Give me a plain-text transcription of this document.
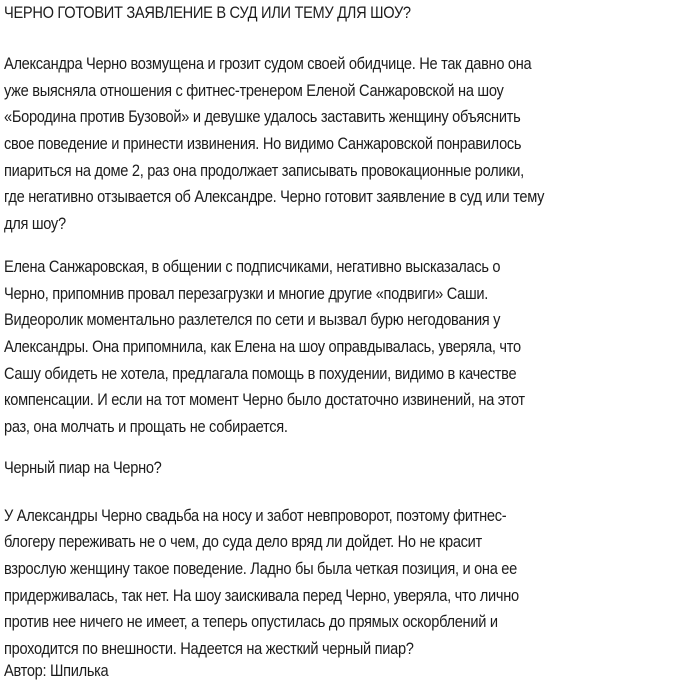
ЧЕРНО ГОТОВИТ ЗАЯВЛЕНИЕ В СУД ИЛИ ТЕМУ ДЛЯ ШОУ?
Александра Черно возмущена и грозит судом своей обидчице. Не так давно она
уже выясняла отношения с фитнес-тренером Еленой Санжаровской на шоу
«Бородина против Бузовой» и девушке удалось заставить женщину объяснить
свое поведение и принести извинения. Но видимо Санжаровской понравилось
пиариться на доме 2, раз она продолжает записывать провокационные ролики,
где негативно отзывается об Александре. Черно готовит заявление в суд или тему
для шоу?
Елена Санжаровская, в общении с подписчиками, негативно высказалась о
Черно, припомнив провал перезагрузки и многие другие «подвиги» Саши.
Видеоролик моментально разлетелся по сети и вызвал бурю негодования у
Александры. Она припомнила, как Елена на шоу оправдывалась, уверяла, что
Сашу обидеть не хотела, предлагала помощь в похудении, видимо в качестве
компенсации. И если на тот момент Черно было достаточно извинений, на этот
раз, она молчать и прощать не собирается.
Черный пиар на Черно?
У Александры Черно свадьба на носу и забот невпроворот, поэтому фитнес-
блогеру переживать не о чем, до суда дело вряд ли дойдет. Но не красит
взрослую женщину такое поведение. Ладно бы была четкая позиция, и она ее
придерживалась, так нет. На шоу заискивала перед Черно, уверяла, что лично
против нее ничего не имеет, а теперь опустилась до прямых оскорблений и
проходится по внешности. Надеется на жесткий черный пиар?
Автор: Шпилька
